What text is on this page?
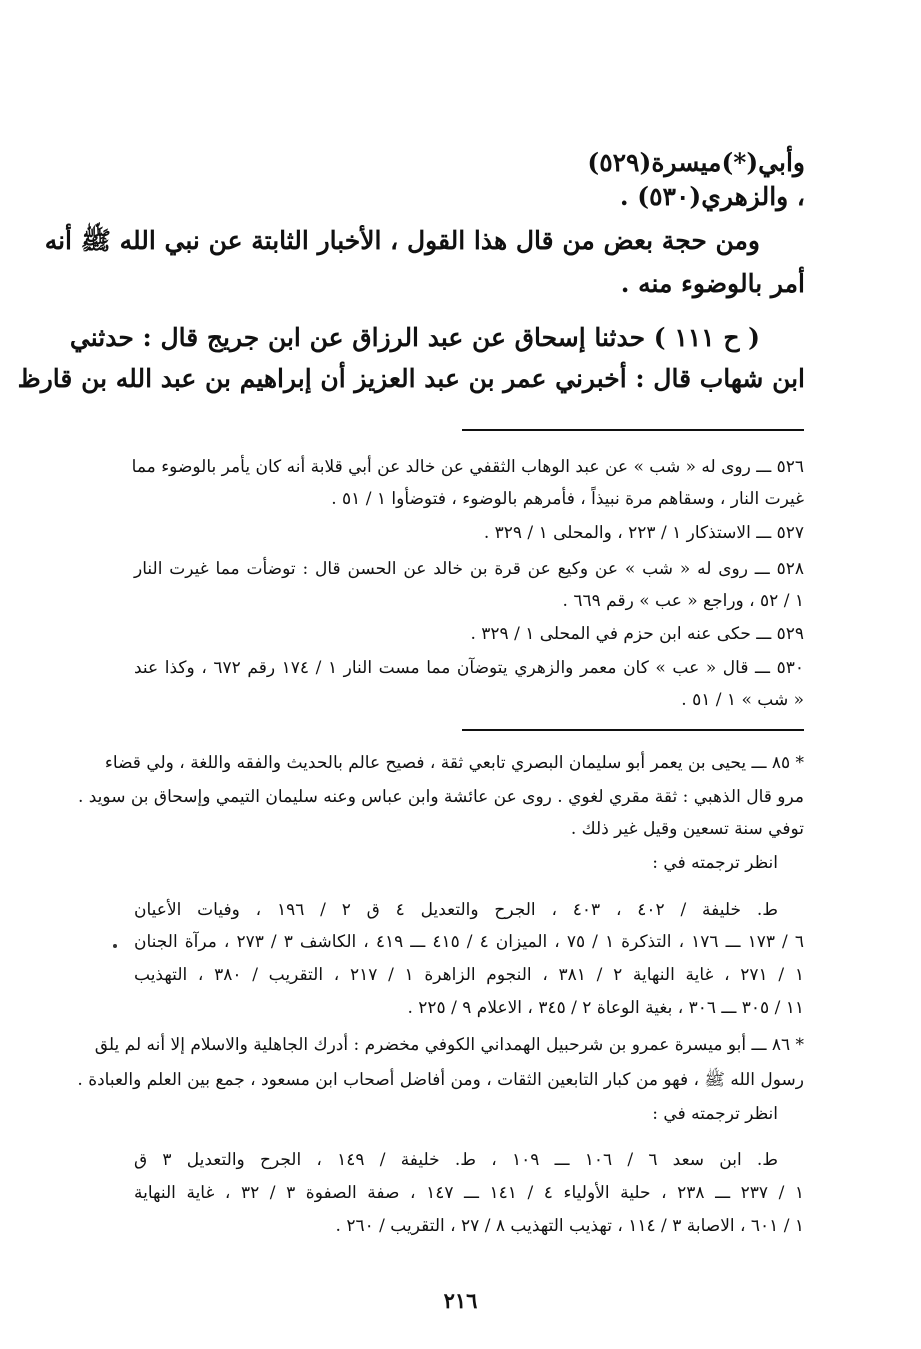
وأبي(*)ميسرة(٥٢٩)
، والزهري(٥٣٠) .
ومن حجة بعض من قال هذا القول ، الأخبار الثابتة عن نبي الله ﷺ أنه
أمر بالوضوء منه .
( ح ١١١ ) حدثنا إسحاق عن عبد الرزاق عن ابن جريج قال : حدثني
ابن شهاب قال : أخبرني عمر بن عبد العزيز أن إبراهيم بن عبد الله بن قارظ
٥٢٦ ـــ روى له « شب » عن عبد الوهاب الثقفي عن خالد عن أبي قلابة أنه كان يأمر بالوضوء مما
غيرت النار ، وسقاهم مرة نبيذاً ، فأمرهم بالوضوء ، فتوضأوا ١ / ٥١ .
٥٢٧ ـــ الاستذكار ١ / ٢٢٣ ، والمحلى ١ / ٣٢٩ .
٥٢٨ ـــ روى له « شب » عن وكيع عن قرة بن خالد عن الحسن قال : توضأت مما غيرت النار
١ / ٥٢ ، وراجع « عب » رقم ٦٦٩ .
٥٢٩ ـــ حكى عنه ابن حزم في المحلى ١ / ٣٢٩ .
٥٣٠ ـــ قال « عب » كان معمر والزهري يتوضآن مما مست النار ١ / ١٧٤ رقم ٦٧٢ ، وكذا عند
« شب » ١ / ٥١ .
* ٨٥ ـــ يحيى بن يعمر أبو سليمان البصري تابعي ثقة ، فصيح عالم بالحديث والفقه واللغة ، ولي قضاء
مرو قال الذهبي : ثقة مقري لغوي . روى عن عائشة وابن عباس وعنه سليمان التيمي وإسحاق بن سويد .
توفي سنة تسعين وقيل غير ذلك .
انظر ترجمته في :
ط. خليفة / ٤٠٢ ، ٤٠٣ ، الجرح والتعديل ٤ ق ٢ / ١٩٦ ، وفيات الأعيان
٦ / ١٧٣ ـــ ١٧٦ ، التذكرة ١ / ٧٥ ، الميزان ٤ / ٤١٥ ـــ ٤١٩ ، الكاشف ٣ / ٢٧٣ ، مرآة الجنان
١ / ٢٧١ ، غاية النهاية ٢ / ٣٨١ ، النجوم الزاهرة ١ / ٢١٧ ، التقريب / ٣٨٠ ، التهذيب
١١ / ٣٠٥ ـــ ٣٠٦ ، بغية الوعاة ٢ / ٣٤٥ ، الاعلام ٩ / ٢٢٥ .
* ٨٦ ـــ أبو ميسرة عمرو بن شرحبيل الهمداني الكوفي مخضرم : أدرك الجاهلية والاسلام إلا أنه لم يلق
رسول الله ﷺ ، فهو من كبار التابعين الثقات ، ومن أفاضل أصحاب ابن مسعود ، جمع بين العلم والعبادة .
انظر ترجمته في :
ط. ابن سعد ٦ / ١٠٦ ـــ ١٠٩ ، ط. خليفة / ١٤٩ ، الجرح والتعديل ٣ ق
١ / ٢٣٧ ـــ ٢٣٨ ، حلية الأولياء ٤ / ١٤١ ـــ ١٤٧ ، صفة الصفوة ٣ / ٣٢ ، غاية النهاية
١ / ٦٠١ ، الاصابة ٣ / ١١٤ ، تهذيب التهذيب ٨ / ٢٧ ، التقريب / ٢٦٠ .
٢١٦
